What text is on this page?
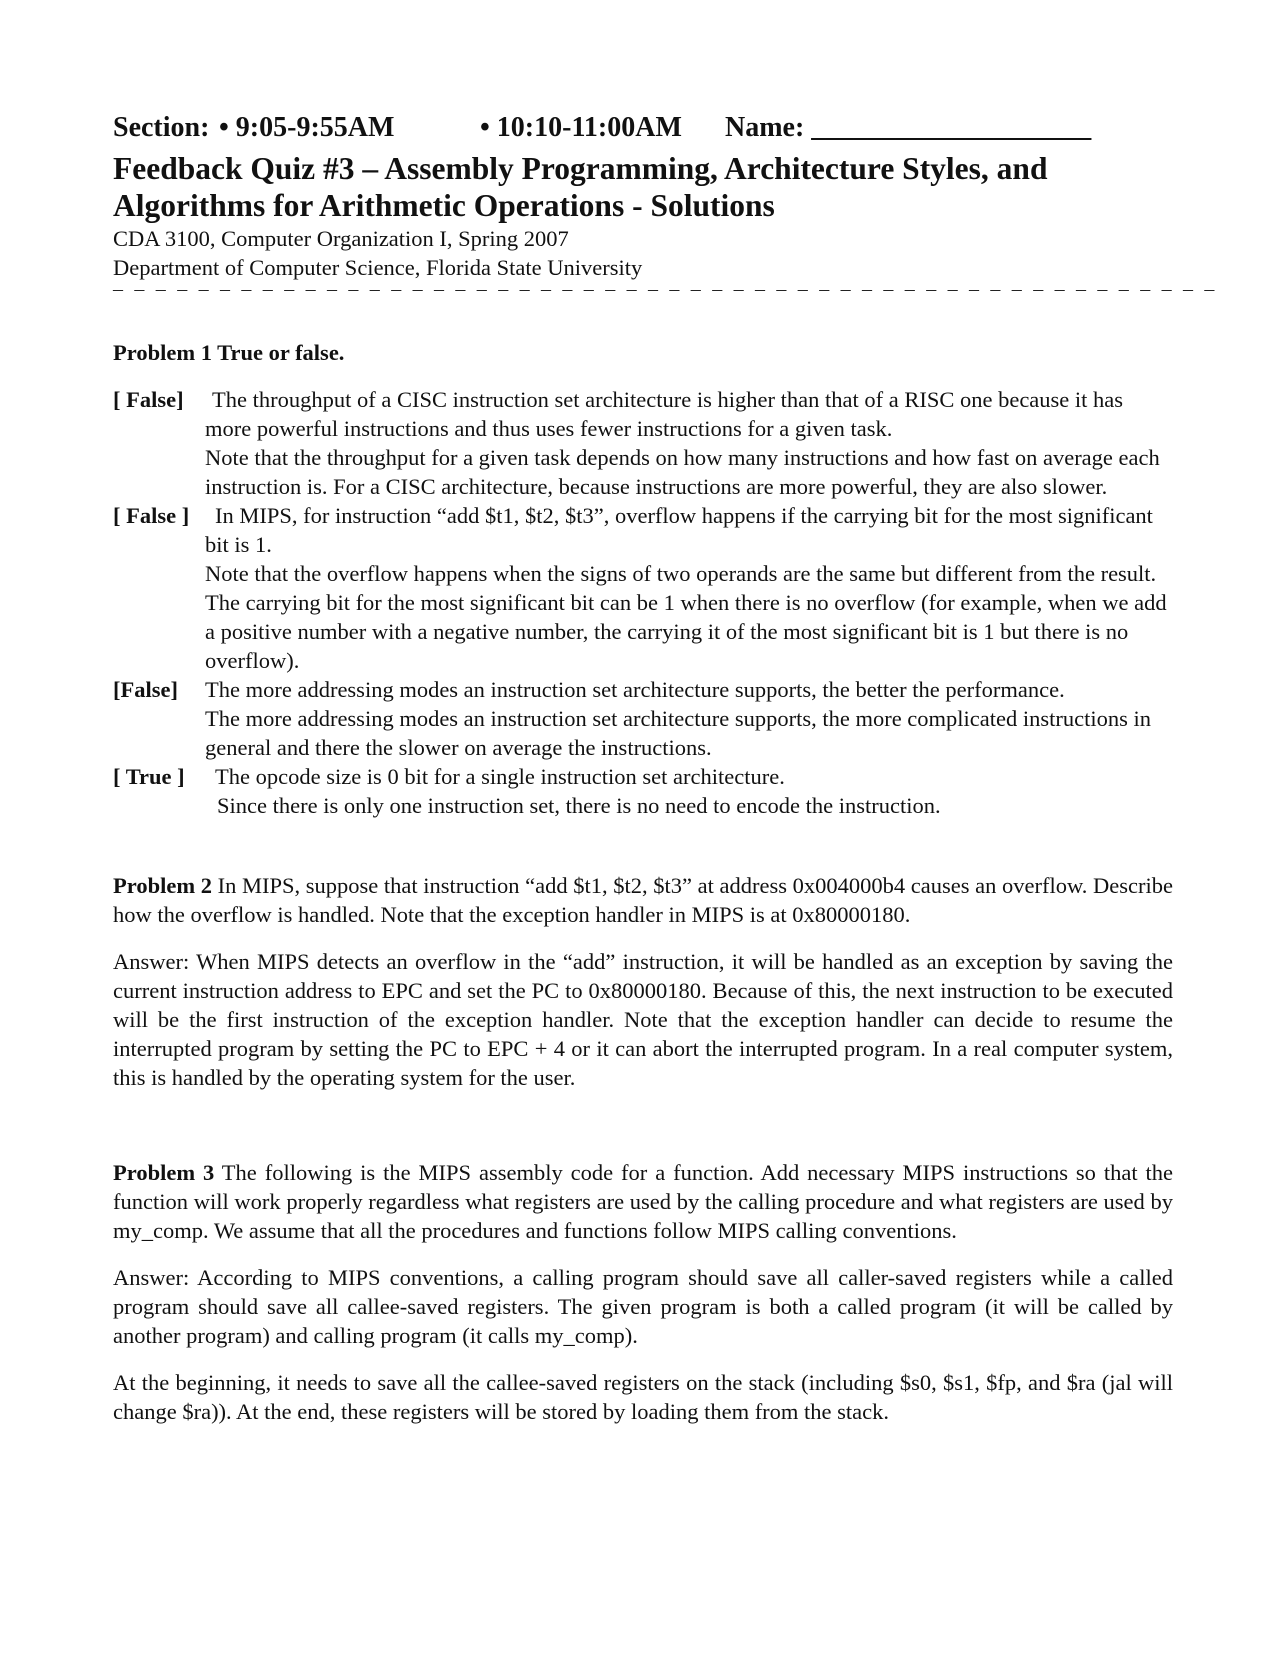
Section: • 9:05-9:55AM	• 10:10-11:00AM Name: ____________________
Feedback Quiz #3 – Assembly Programming, Architecture Styles, and
Algorithms for Arithmetic Operations - Solutions
CDA 3100, Computer Organization I, Spring 2007
Department of Computer Science, Florida State University
– – – – – – – – – – – – – – – – – – – – – – – – – – – – – – – – – – – – – – – – – – – – – – – – – – – –
Problem 1 True or false.
[ False]	The throughput of a CISC instruction set architecture is higher than that of a RISC one because it has more powerful instructions and thus uses fewer instructions for a given task.
Note that the throughput for a given task depends on how many instructions and how fast on average each instruction is. For a CISC architecture, because instructions are more powerful, they are also slower.
[ False ]	In MIPS, for instruction “add $t1, $t2, $t3”, overflow happens if the carrying bit for the most significant bit is 1.
Note that the overflow happens when the signs of two operands are the same but different from the result. The carrying bit for the most significant bit can be 1 when there is no overflow (for example, when we add a positive number with a negative number, the carrying it of the most significant bit is 1 but there is no overflow).
[False] The more addressing modes an instruction set architecture supports, the better the performance.
The more addressing modes an instruction set architecture supports, the more complicated instructions in general and there the slower on average the instructions.
[ True ]	The opcode size is 0 bit for a single instruction set architecture.
Since there is only one instruction set, there is no need to encode the instruction.
Problem 2 In MIPS, suppose that instruction “add $t1, $t2, $t3” at address 0x004000b4 causes an overflow. Describe how the overflow is handled. Note that the exception handler in MIPS is at 0x80000180.
Answer: When MIPS detects an overflow in the “add” instruction, it will be handled as an exception by saving the current instruction address to EPC and set the PC to 0x80000180. Because of this, the next instruction to be executed will be the first instruction of the exception handler. Note that the exception handler can decide to resume the interrupted program by setting the PC to EPC + 4 or it can abort the interrupted program. In a real computer system, this is handled by the operating system for the user.
Problem 3 The following is the MIPS assembly code for a function. Add necessary MIPS instructions so that the function will work properly regardless what registers are used by the calling procedure and what registers are used by my_comp. We assume that all the procedures and functions follow MIPS calling conventions.
Answer: According to MIPS conventions, a calling program should save all caller-saved registers while a called program should save all callee-saved registers. The given program is both a called program (it will be called by another program) and calling program (it calls my_comp).
At the beginning, it needs to save all the callee-saved registers on the stack (including $s0, $s1, $fp, and $ra (jal will change $ra)). At the end, these registers will be stored by loading them from the stack.
